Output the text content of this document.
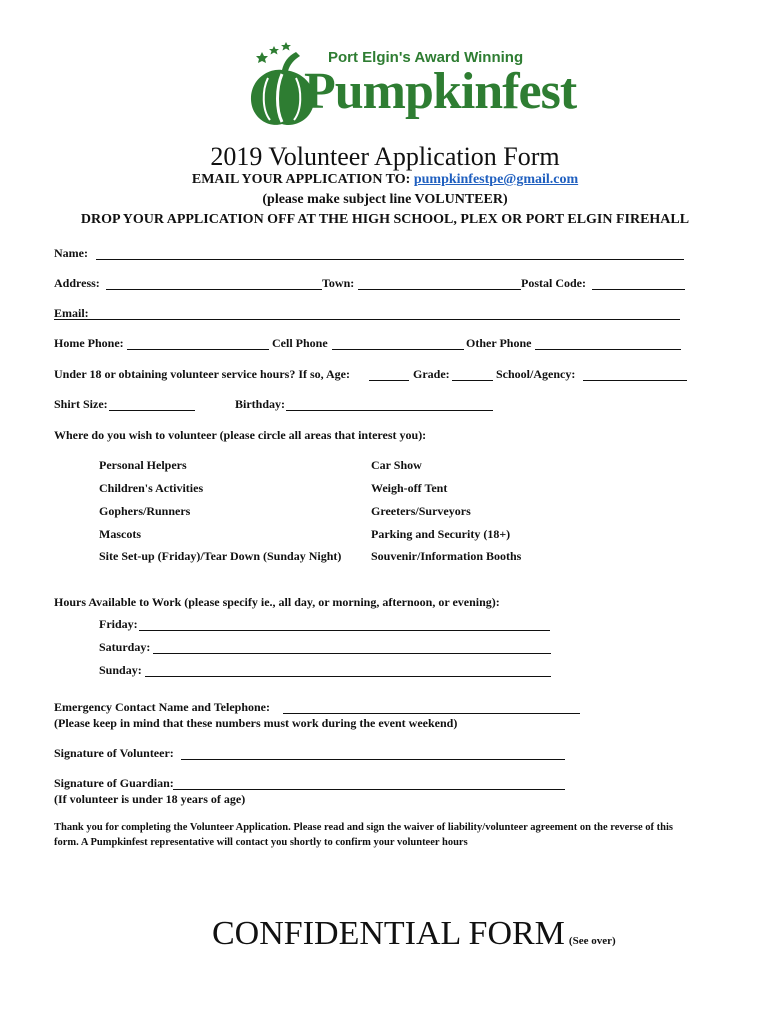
Port Elgin's Award Winning
Pumpkinfest
2019 Volunteer Application Form
EMAIL YOUR APPLICATION TO: pumpkinfestpe@gmail.com
(please make subject line VOLUNTEER)
DROP YOUR APPLICATION OFF AT THE HIGH SCHOOL, PLEX OR PORT ELGIN FIREHALL
Name:
Address:	Town:	Postal Code:
Email:
Home Phone:	Cell Phone	Other Phone
Under 18 or obtaining volunteer service hours? If so, Age:	Grade:	School/Agency:
Shirt Size:	Birthday:
Where do you wish to volunteer (please circle all areas that interest you):
Personal Helpers
Children's Activities
Gophers/Runners
Mascots
Site Set-up (Friday)/Tear Down (Sunday Night)
Car Show
Weigh-off Tent
Greeters/Surveyors
Parking and Security (18+)
Souvenir/Information Booths
Hours Available to Work (please specify ie., all day, or morning, afternoon, or evening):
Friday:
Saturday:
Sunday:
Emergency Contact Name and Telephone:
(Please keep in mind that these numbers must work during the event weekend)
Signature of Volunteer:
Signature of Guardian:
(If volunteer is under 18 years of age)
Thank you for completing the Volunteer Application. Please read and sign the waiver of liability/volunteer agreement on the reverse of this
form. A Pumpkinfest representative will contact you shortly to confirm your volunteer hours
CONFIDENTIAL FORM (See over)
